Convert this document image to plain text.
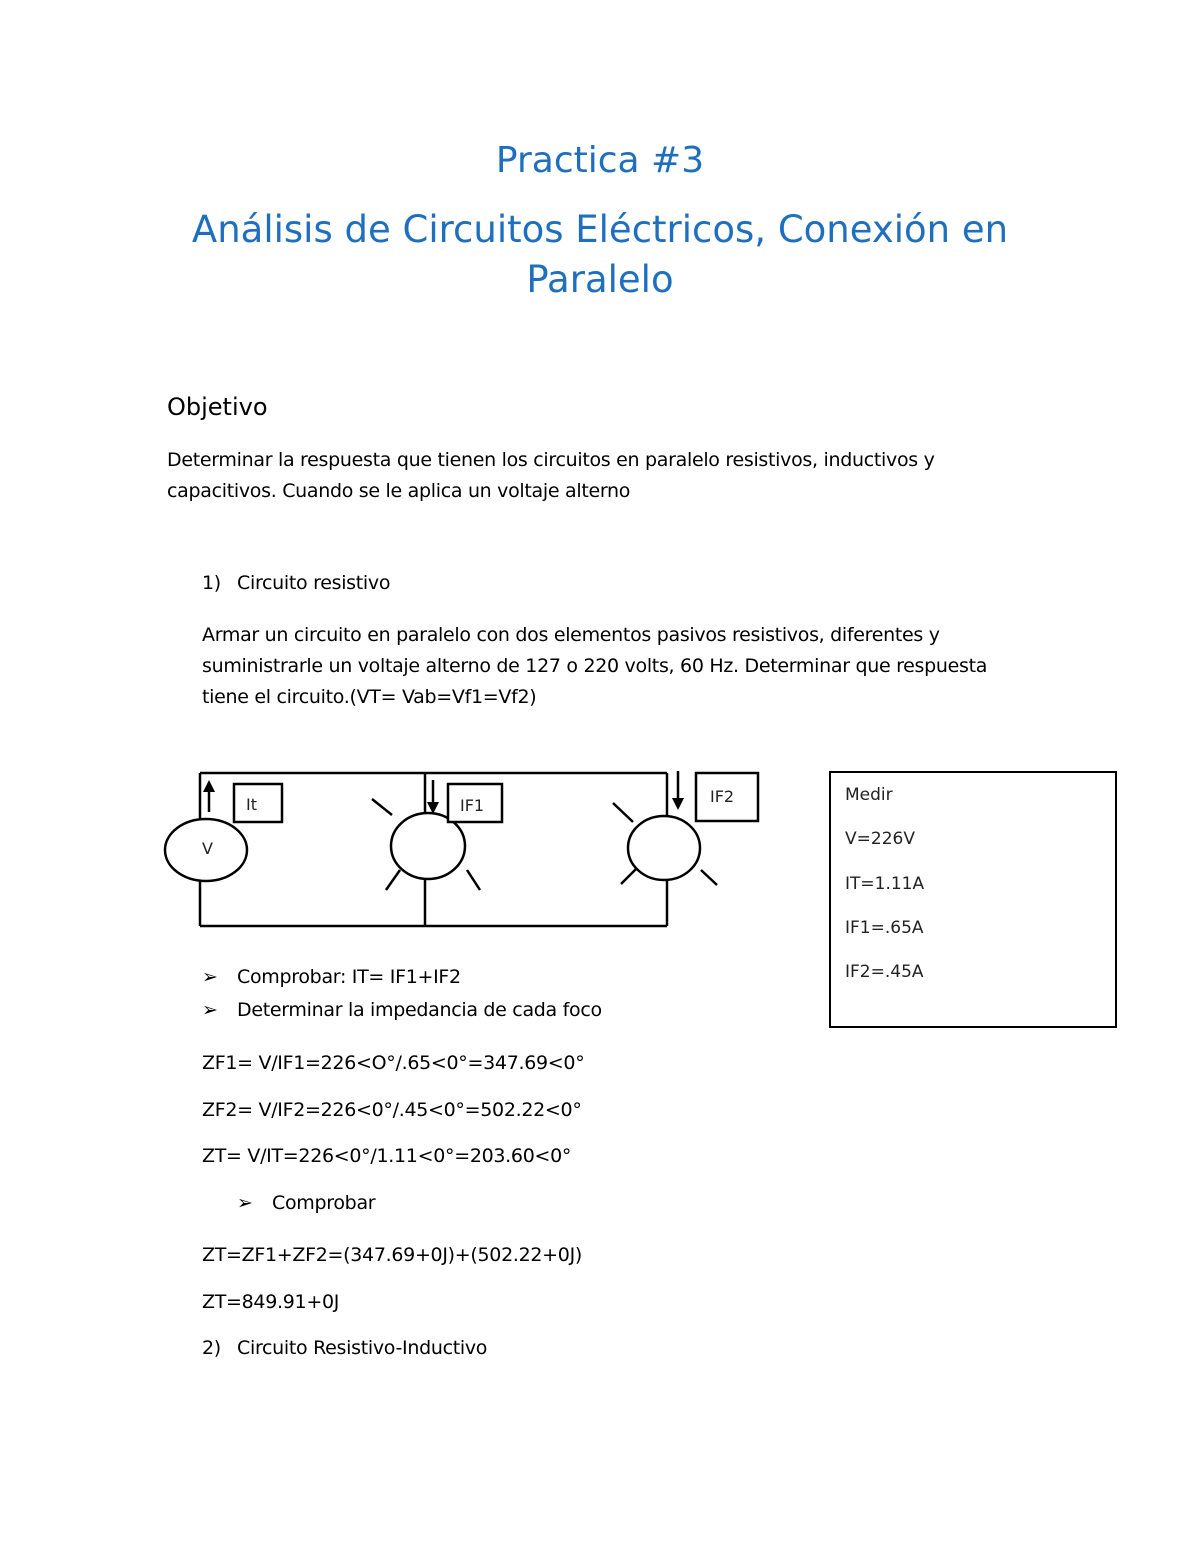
Practica #3
Análisis de Circuitos Eléctricos, Conexión en Paralelo
Objetivo
Determinar la respuesta que tienen los circuitos en paralelo resistivos, inductivos y capacitivos. Cuando se le aplica un voltaje alterno
1) Circuito resistivo
Armar un circuito en paralelo con dos elementos pasivos resistivos, diferentes y suministrarle un voltaje alterno de 127 o 220 volts, 60 Hz. Determinar que respuesta tiene el circuito.(VT= Vab=Vf1=Vf2)
V
It	IF1	IF2	Medir
V=226V
IT=1.11A
IF1=.65A
IF2=.45A
➢ Comprobar: IT= IF1+IF2
➢ Determinar la impedancia de cada foco
ZF1= V/IF1=226<O°/.65<0°=347.69<0°
ZF2= V/IF2=226<0°/.45<0°=502.22<0°
ZT= V/IT=226<0°/1.11<0°=203.60<0°
➢ Comprobar
ZT=ZF1+ZF2=(347.69+0J)+(502.22+0J)
ZT=849.91+0J
2) Circuito Resistivo-Inductivo
